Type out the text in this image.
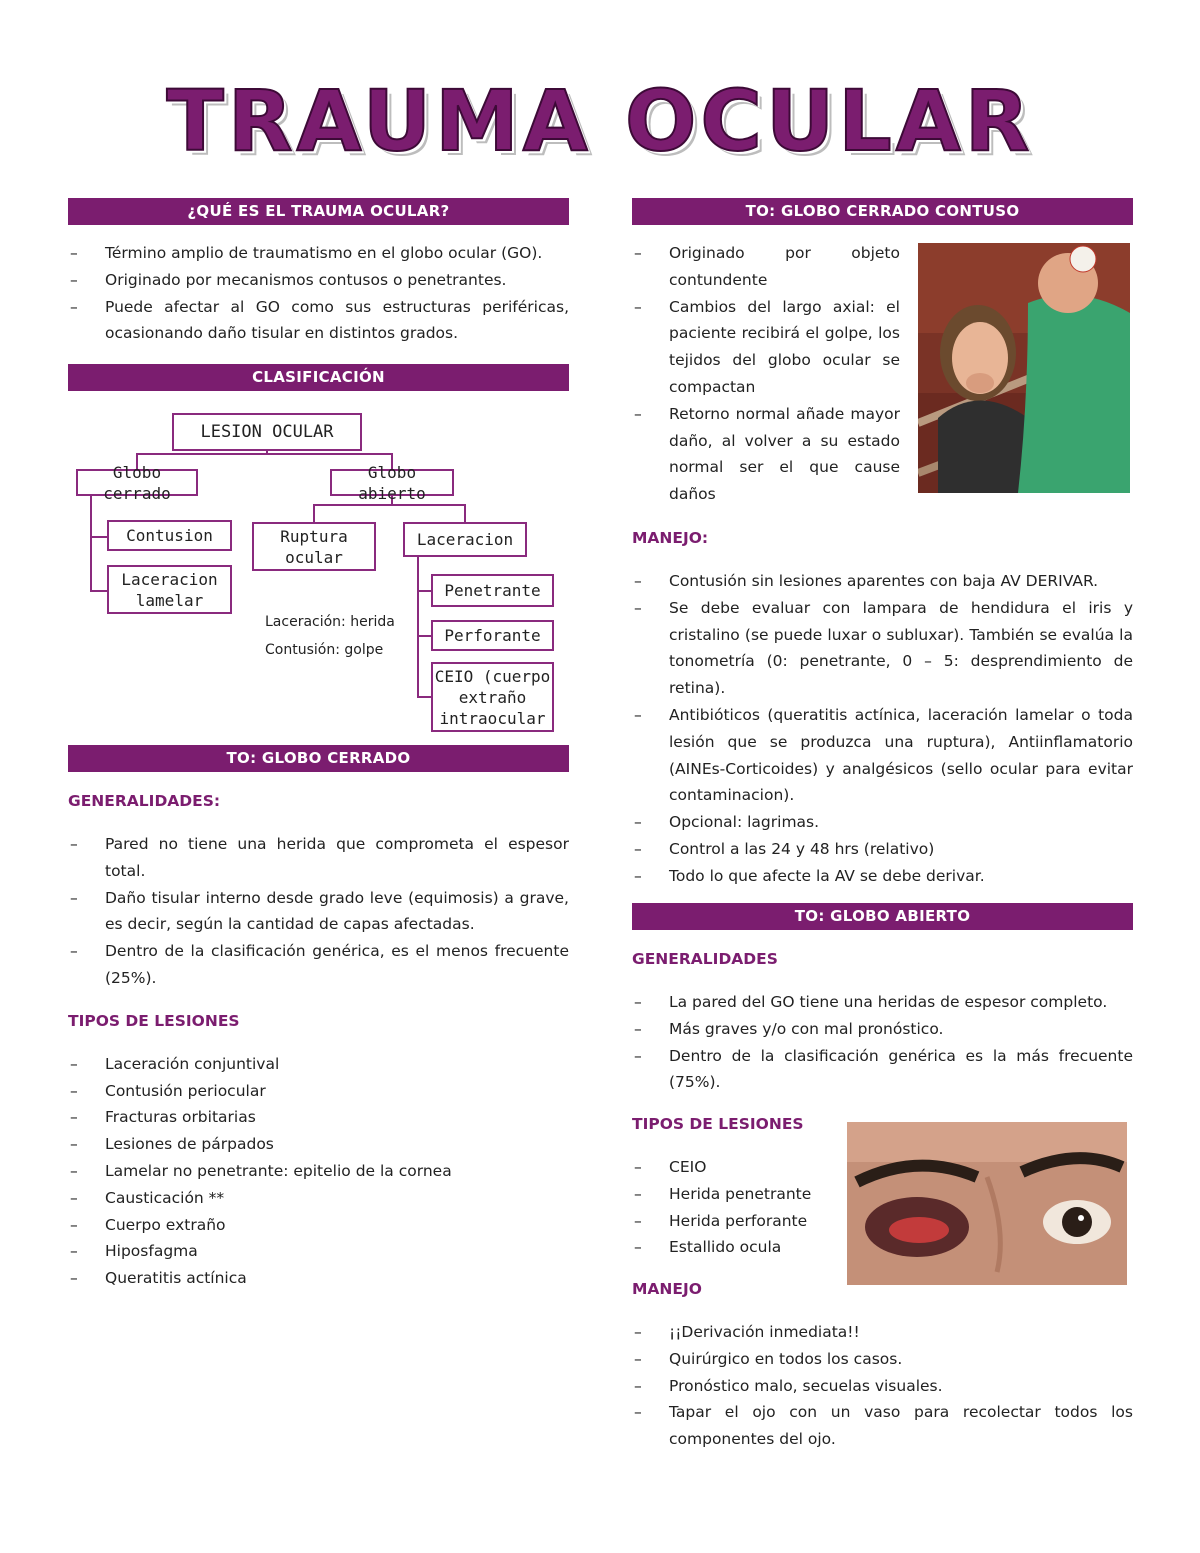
TRAUMA OCULAR
¿QUÉ ES EL TRAUMA OCULAR?
– Término amplio de traumatismo en el globo ocular (GO).
– Originado por mecanismos contusos o penetrantes.
– Puede afectar al GO como sus estructuras periféricas, ocasionando daño tisular en distintos grados.
CLASIFICACIÓN
LESION OCULAR
Globo cerrado
Globo abierto
Contusion
Laceracion lamelar
Ruptura ocular
Laceracion
Penetrante
Perforante
CEIO (cuerpo extraño intraocular
Laceración: herida
Contusión: golpe
TO: GLOBO CERRADO
GENERALIDADES:
– Pared no tiene una herida que comprometa el espesor total.
– Daño tisular interno desde grado leve (equimosis) a grave, es decir, según la cantidad de capas afectadas.
– Dentro de la clasificación genérica, es el menos frecuente (25%).
TIPOS DE LESIONES
– Laceración conjuntival
– Contusión periocular
– Fracturas orbitarias
– Lesiones de párpados
– Lamelar no penetrante: epitelio de la cornea
– Causticación **
– Cuerpo extraño
– Hiposfagma
– Queratitis actínica
TO: GLOBO CERRADO CONTUSO
– Originado por objeto contundente
– Cambios del largo axial: el paciente recibirá el golpe, los tejidos del globo ocular se compactan
– Retorno normal añade mayor daño, al volver a su estado normal ser el que cause daños
MANEJO:
– Contusión sin lesiones aparentes con baja AV DERIVAR.
– Se debe evaluar con lampara de hendidura el iris y cristalino (se puede luxar o subluxar). También se evalúa la tonometría (0: penetrante, 0 – 5: desprendimiento de retina).
– Antibióticos (queratitis actínica, laceración lamelar o toda lesión que se produzca una ruptura), Antiinflamatorio (AINEs-Corticoides) y analgésicos (sello ocular para evitar contaminacion).
– Opcional: lagrimas.
– Control a las 24 y 48 hrs (relativo)
– Todo lo que afecte la AV se debe derivar.
TO: GLOBO ABIERTO
GENERALIDADES
– La pared del GO tiene una heridas de espesor completo.
– Más graves y/o con mal pronóstico.
– Dentro de la clasificación genérica es la más frecuente (75%).
TIPOS DE LESIONES
– CEIO
– Herida penetrante
– Herida perforante
– Estallido ocula
MANEJO
– ¡¡Derivación inmediata!!
– Quirúrgico en todos los casos.
– Pronóstico malo, secuelas visuales.
– Tapar el ojo con un vaso para recolectar todos los componentes del ojo.
